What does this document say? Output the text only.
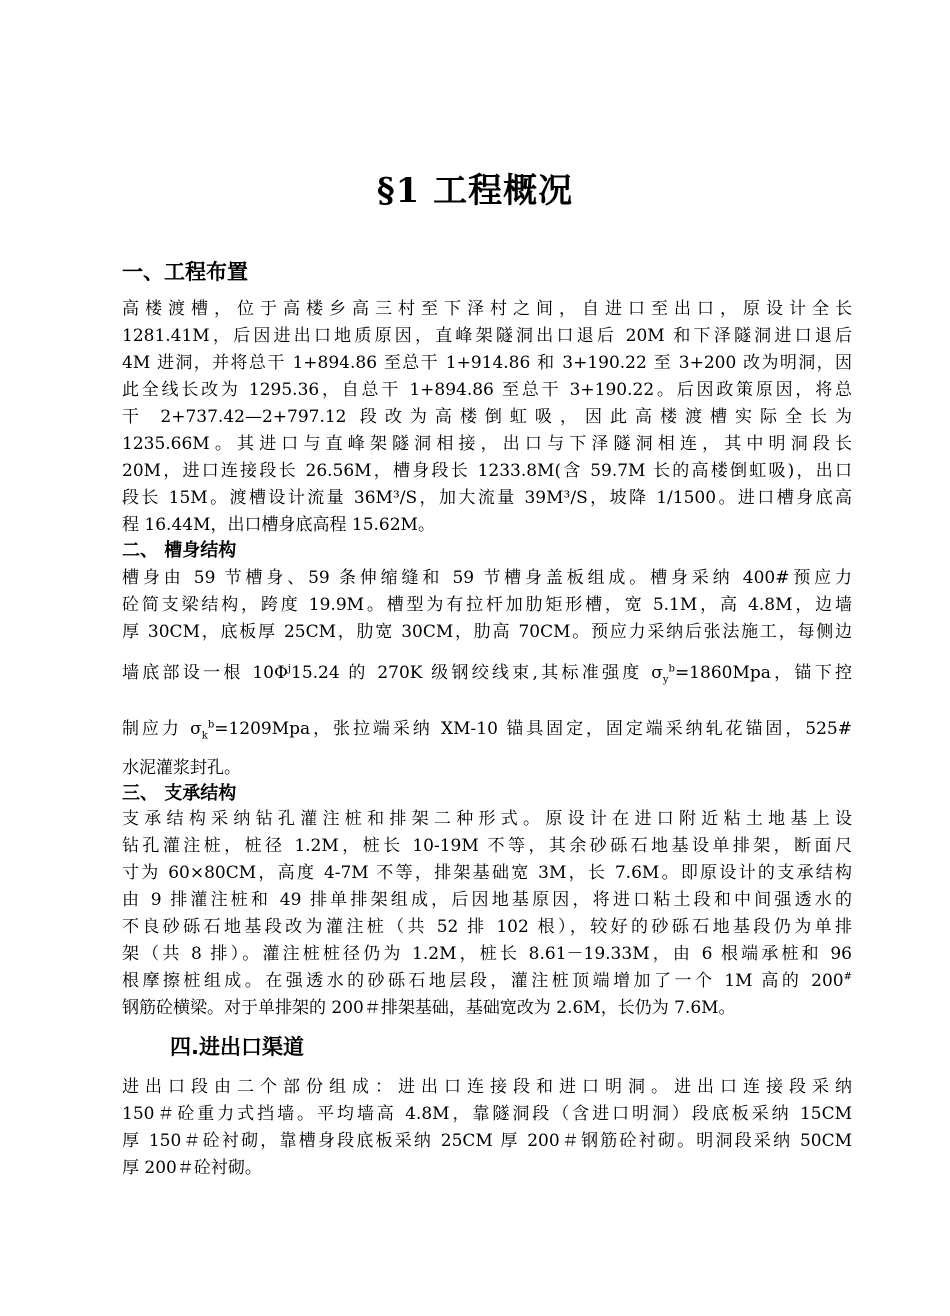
§1 工程概况
一、工程布置
高楼渡槽，位于高楼乡高三村至下泽村之间，自进口至出口，原设计全长
1281.41M，后因进出口地质原因，直峰架隧洞出口退后 20M 和下泽隧洞进口退后
4M 进洞，并将总干 1+894.86 至总干 1+914.86 和 3+190.22 至 3+200 改为明洞，因
此全线长改为 1295.36，自总干 1+894.86 至总干 3+190.22。后因政策原因，将总
干 2+737.42—2+797.12 段改为高楼倒虹吸，因此高楼渡槽实际全长为
1235.66M。其进口与直峰架隧洞相接，出口与下泽隧洞相连，其中明洞段长
20M，进口连接段长 26.56M，槽身段长 1233.8M(含 59.7M 长的高楼倒虹吸)，出口
段长 15M。渡槽设计流量 36M³/S，加大流量 39M³/S，坡降 1/1500。进口槽身底高
程 16.44M，出口槽身底高程 15.62M。
二、 槽身结构
槽身由 59 节槽身、59 条伸缩缝和 59 节槽身盖板组成。槽身采纳 400#预应力
砼简支梁结构，跨度 19.9M。槽型为有拉杆加肋矩形槽，宽 5.1M，高 4.8M，边墙
厚 30CM，底板厚 25CM，肋宽 30CM，肋高 70CM。预应力采纳后张法施工，每侧边
墙底部设一根 $10\Phi^j15.24$ 的 270K 级钢绞线束,其标准强度 $\sigma_y^b=1860Mpa$，锚下控
制应力 $\sigma_k^b=1209Mpa$，张拉端采纳 XM-10 锚具固定，固定端采纳轧花锚固，525#
水泥灌浆封孔。
三、 支承结构
支承结构采纳钻孔灌注桩和排架二种形式。原设计在进口附近粘土地基上设
钻孔灌注桩，桩径 1.2M，桩长 10-19M 不等，其余砂砾石地基设单排架，断面尺
寸为 60×80CM，高度 4-7M 不等，排架基础宽 3M，长 7.6M。即原设计的支承结构
由 9 排灌注桩和 49 排单排架组成，后因地基原因，将进口粘土段和中间强透水的
不良砂砾石地基段改为灌注桩（共 52 排 102 根），较好的砂砾石地基段仍为单排
架（共 8 排）。灌注桩桩径仍为 1.2M，桩长 8.61－19.33M，由 6 根端承桩和 96
根摩擦桩组成。在强透水的砂砾石地层段，灌注桩顶端增加了一个 1M 高的 200#
钢筋砼横梁。对于单排架的 200＃排架基础，基础宽改为 2.6M，长仍为 7.6M。
四.进出口渠道
进出口段由二个部份组成：进出口连接段和进口明洞。进出口连接段采纳
150＃砼重力式挡墙。平均墙高 4.8M，靠隧洞段（含进口明洞）段底板采纳 15CM
厚 150＃砼衬砌，靠槽身段底板采纳 25CM 厚 200＃钢筋砼衬砌。明洞段采纳 50CM
厚 200＃砼衬砌。
